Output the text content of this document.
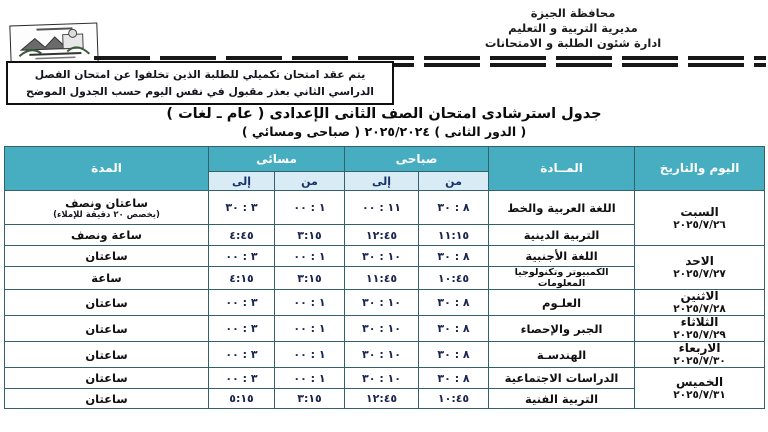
محافظة الجيزة
مديرية التربية و التعليم
ادارة شئون الطلبة و الامتحانات
يتم عقد امتحان تكميلي للطلبة الذين تخلفوا عن امتحان الفصل
الدراسي الثاني بعذر مقبول في نفس اليوم حسب الجدول الموضح
جدول استرشادى امتحان الصف الثانى الإعدادى ( عام ـ لغات )
( الدور الثانى ) ٢٠٢٥/٢٠٢٤ ( صباحى ومسائي )
اليوم والتاريخ	المــادة	صباحى		مسائى		المدة
		من	إلى	من	إلى	

السبت
٢٠٢٥/٧/٢٦
	اللغة العربية والخط	٨ : ٣٠	١١ : ٠٠	١ : ٠٠	٣ : ٣٠	ساعتان ونصف
(يخصص ٢٠ دقيقة للإملاء)

	التربية الدينية	١١:١٥	١٢:٤٥	٣:١٥	٤:٤٥	ساعة ونصف

الاحد
٢٠٢٥/٧/٢٧	اللغة الأجنبية	٨ : ٣٠	١٠ : ٣٠	١ : ٠٠	٣ : ٠٠	ساعتان
	الكمبيوتر وتكنولوجيا المعلومات	١٠:٤٥	١١:٤٥	٣:١٥	٤:١٥	ساعة

الاثنين
٢٠٢٥/٧/٢٨	العلـوم	٨ : ٣٠	١٠ : ٣٠	١ : ٠٠	٣ : ٠٠	ساعتان

الثلاثاء
٢٠٢٥/٧/٢٩	الجبر والإحصاء	٨ : ٣٠	١٠ : ٣٠	١ : ٠٠	٣ : ٠٠	ساعتان

الاربعاء
٢٠٢٥/٧/٣٠	الهندسـة	٨ : ٣٠	١٠ : ٣٠	١ : ٠٠	٣ : ٠٠	ساعتان

الخميس
٢٠٢٥/٧/٣١	الدراسات الاجتماعية	٨ : ٣٠	١٠ : ٣٠	١ : ٠٠	٣ : ٠٠	ساعتان
	التربية الفنية	١٠:٤٥	١٢:٤٥	٣:١٥	٥:١٥	ساعتان
